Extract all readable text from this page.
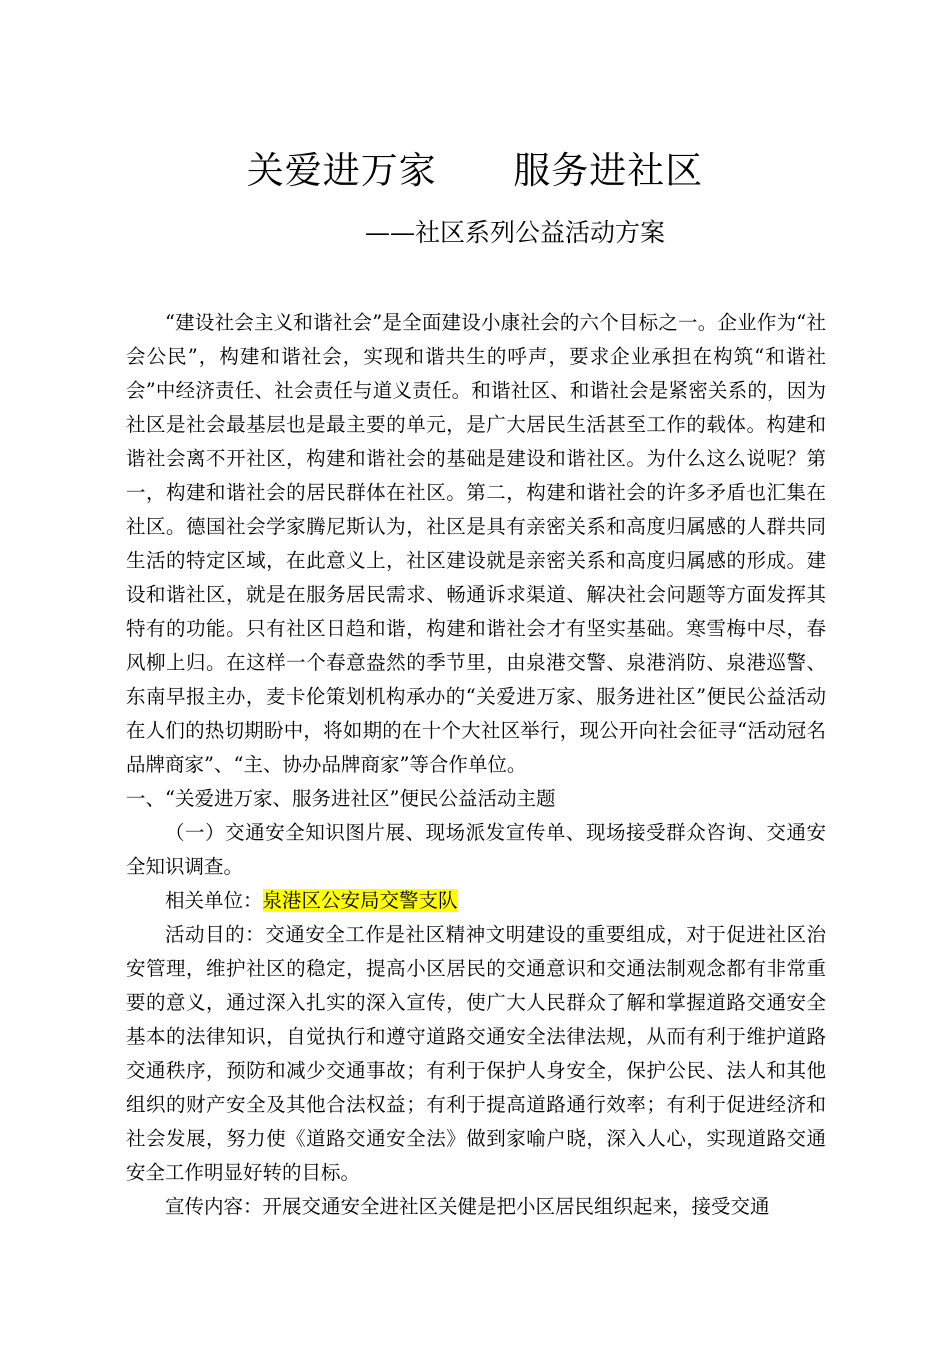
关爱进万家      服务进社区
——社区系列公益活动方案

“建设社会主义和谐社会”是全面建设小康社会的六个目标之一。企业作为“社会公民”，构建和谐社会，实现和谐共生的呼声，要求企业承担在构筑“和谐社会”中经济责任、社会责任与道义责任。和谐社区、和谐社会是紧密关系的，因为社区是社会最基层也是最主要的单元，是广大居民生活甚至工作的载体。构建和谐社会离不开社区，构建和谐社会的基础是建设和谐社区。为什么这么说呢？第一，构建和谐社会的居民群体在社区。第二，构建和谐社会的许多矛盾也汇集在社区。德国社会学家腾尼斯认为，社区是具有亲密关系和高度归属感的人群共同生活的特定区域，在此意义上，社区建设就是亲密关系和高度归属感的形成。建设和谐社区，就是在服务居民需求、畅通诉求渠道、解决社会问题等方面发挥其特有的功能。只有社区日趋和谐，构建和谐社会才有坚实基础。寒雪梅中尽，春风柳上归。在这样一个春意盎然的季节里，由泉港交警、泉港消防、泉港巡警、东南早报主办，麦卡伦策划机构承办的“关爱进万家、服务进社区”便民公益活动在人们的热切期盼中，将如期的在十个大社区举行，现公开向社会征寻“活动冠名品牌商家”、“主、协办品牌商家”等合作单位。

一、“关爱进万家、服务进社区”便民公益活动主题

（一）交通安全知识图片展、现场派发宣传单、现场接受群众咨询、交通安全知识调查。

相关单位：泉港区公安局交警支队

活动目的：交通安全工作是社区精神文明建设的重要组成，对于促进社区治安管理，维护社区的稳定，提高小区居民的交通意识和交通法制观念都有非常重要的意义，通过深入扎实的深入宣传，使广大人民群众了解和掌握道路交通安全基本的法律知识，自觉执行和遵守道路交通安全法律法规，从而有利于维护道路交通秩序，预防和减少交通事故；有利于保护人身安全，保护公民、法人和其他组织的财产安全及其他合法权益；有利于提高道路通行效率；有利于促进经济和社会发展，努力使《道路交通安全法》做到家喻户晓，深入人心，实现道路交通安全工作明显好转的目标。

宣传内容：开展交通安全进社区关健是把小区居民组织起来，接受交通
